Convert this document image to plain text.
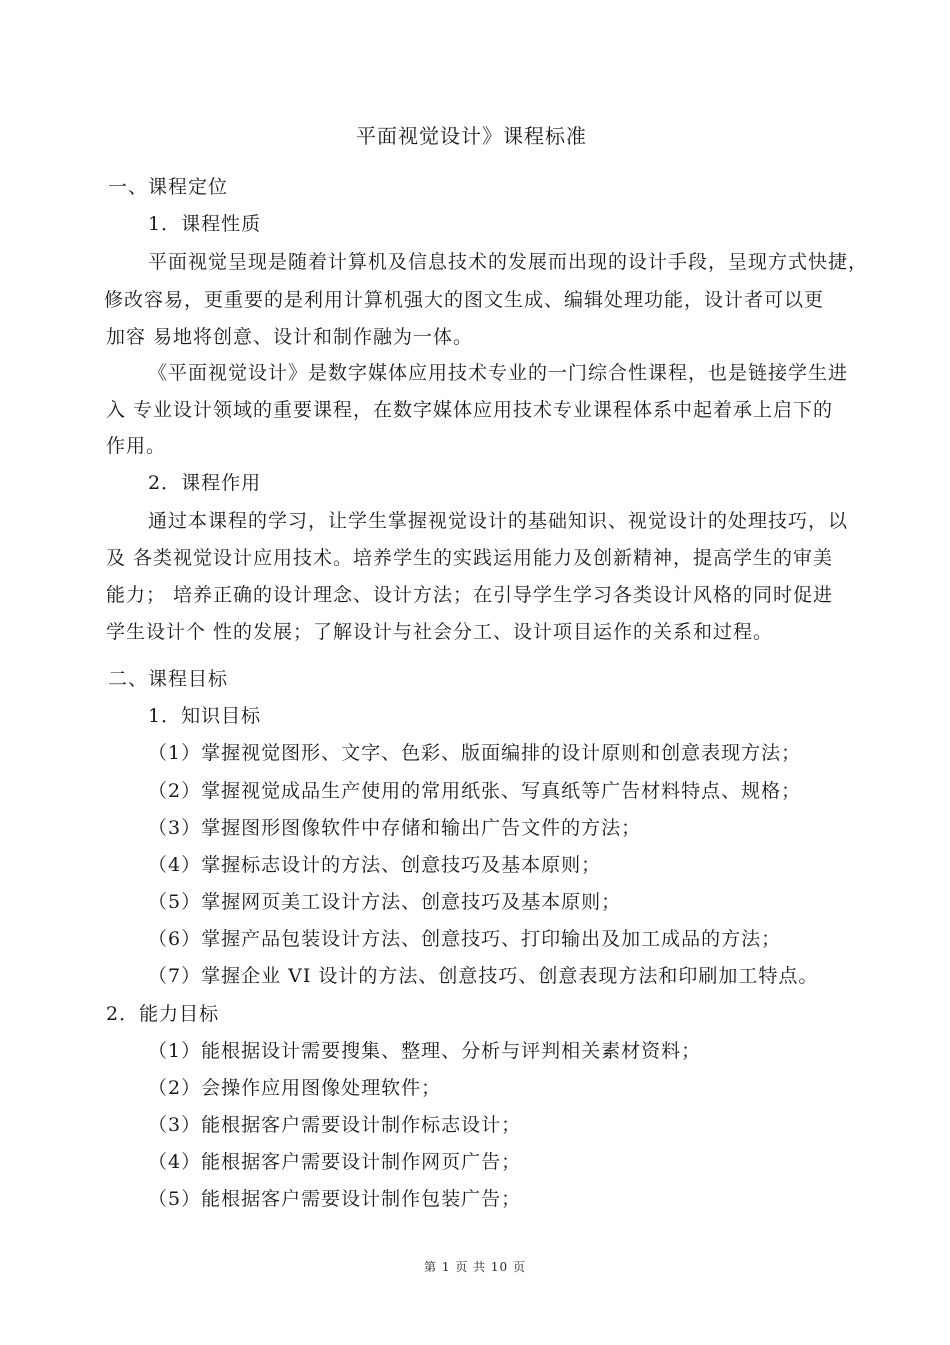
平面视觉设计》课程标准
一、课程定位
1．课程性质
平面视觉呈现是随着计算机及信息技术的发展而出现的设计手段，呈现方式快捷，
修改容易，更重要的是利用计算机强大的图文生成、编辑处理功能，设计者可以更
加容 易地将创意、设计和制作融为一体。
《平面视觉设计》是数字媒体应用技术专业的一门综合性课程，也是链接学生进
入 专业设计领域的重要课程，在数字媒体应用技术专业课程体系中起着承上启下的
作用。
2．课程作用
通过本课程的学习，让学生掌握视觉设计的基础知识、视觉设计的处理技巧，以
及 各类视觉设计应用技术。培养学生的实践运用能力及创新精神，提高学生的审美
能力； 培养正确的设计理念、设计方法；在引导学生学习各类设计风格的同时促进
学生设计个 性的发展；了解设计与社会分工、设计项目运作的关系和过程。
二、课程目标
1．知识目标
（1）掌握视觉图形、文字、色彩、版面编排的设计原则和创意表现方法；
（2）掌握视觉成品生产使用的常用纸张、写真纸等广告材料特点、规格；
（3）掌握图形图像软件中存储和输出广告文件的方法；
（4）掌握标志设计的方法、创意技巧及基本原则；
（5）掌握网页美工设计方法、创意技巧及基本原则；
（6）掌握产品包装设计方法、创意技巧、打印输出及加工成品的方法；
（7）掌握企业 VI 设计的方法、创意技巧、创意表现方法和印刷加工特点。
2．能力目标
（1）能根据设计需要搜集、整理、分析与评判相关素材资料；
（2）会操作应用图像处理软件；
（3）能根据客户需要设计制作标志设计；
（4）能根据客户需要设计制作网页广告；
（5）能根据客户需要设计制作包装广告；
第 1 页 共 10 页
